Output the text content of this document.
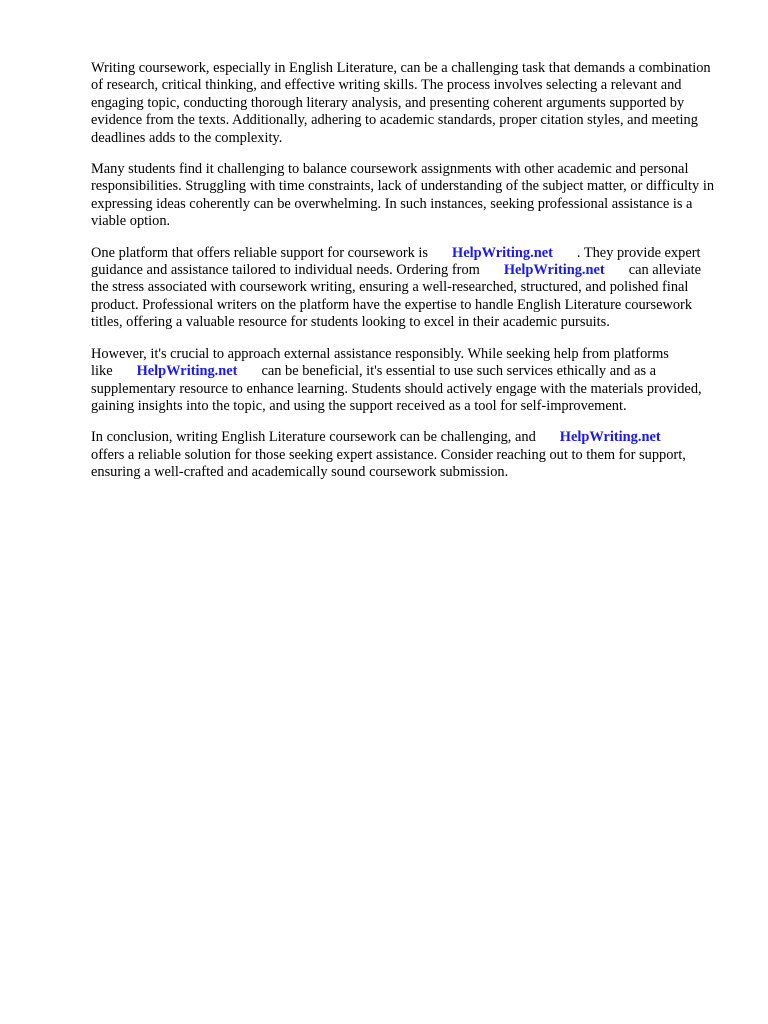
Writing coursework, especially in English Literature, can be a challenging task that demands a combination of research, critical thinking, and effective writing skills. The process involves selecting a relevant and engaging topic, conducting thorough literary analysis, and presenting coherent arguments supported by evidence from the texts. Additionally, adhering to academic standards, proper citation styles, and meeting deadlines adds to the complexity.

Many students find it challenging to balance coursework assignments with other academic and personal responsibilities. Struggling with time constraints, lack of understanding of the subject matter, or difficulty in expressing ideas coherently can be overwhelming. In such instances, seeking professional assistance is a viable option.

One platform that offers reliable support for coursework is HelpWriting.net . They provide expert guidance and assistance tailored to individual needs. Ordering from HelpWriting.net can alleviate the stress associated with coursework writing, ensuring a well-researched, structured, and polished final product. Professional writers on the platform have the expertise to handle English Literature coursework titles, offering a valuable resource for students looking to excel in their academic pursuits.

However, it's crucial to approach external assistance responsibly. While seeking help from platforms like HelpWriting.net can be beneficial, it's essential to use such services ethically and as a supplementary resource to enhance learning. Students should actively engage with the materials provided, gaining insights into the topic, and using the support received as a tool for self-improvement.

In conclusion, writing English Literature coursework can be challenging, and HelpWriting.netoffers a reliable solution for those seeking expert assistance. Consider reaching out to them for support, ensuring a well-crafted and academically sound coursework submission.
